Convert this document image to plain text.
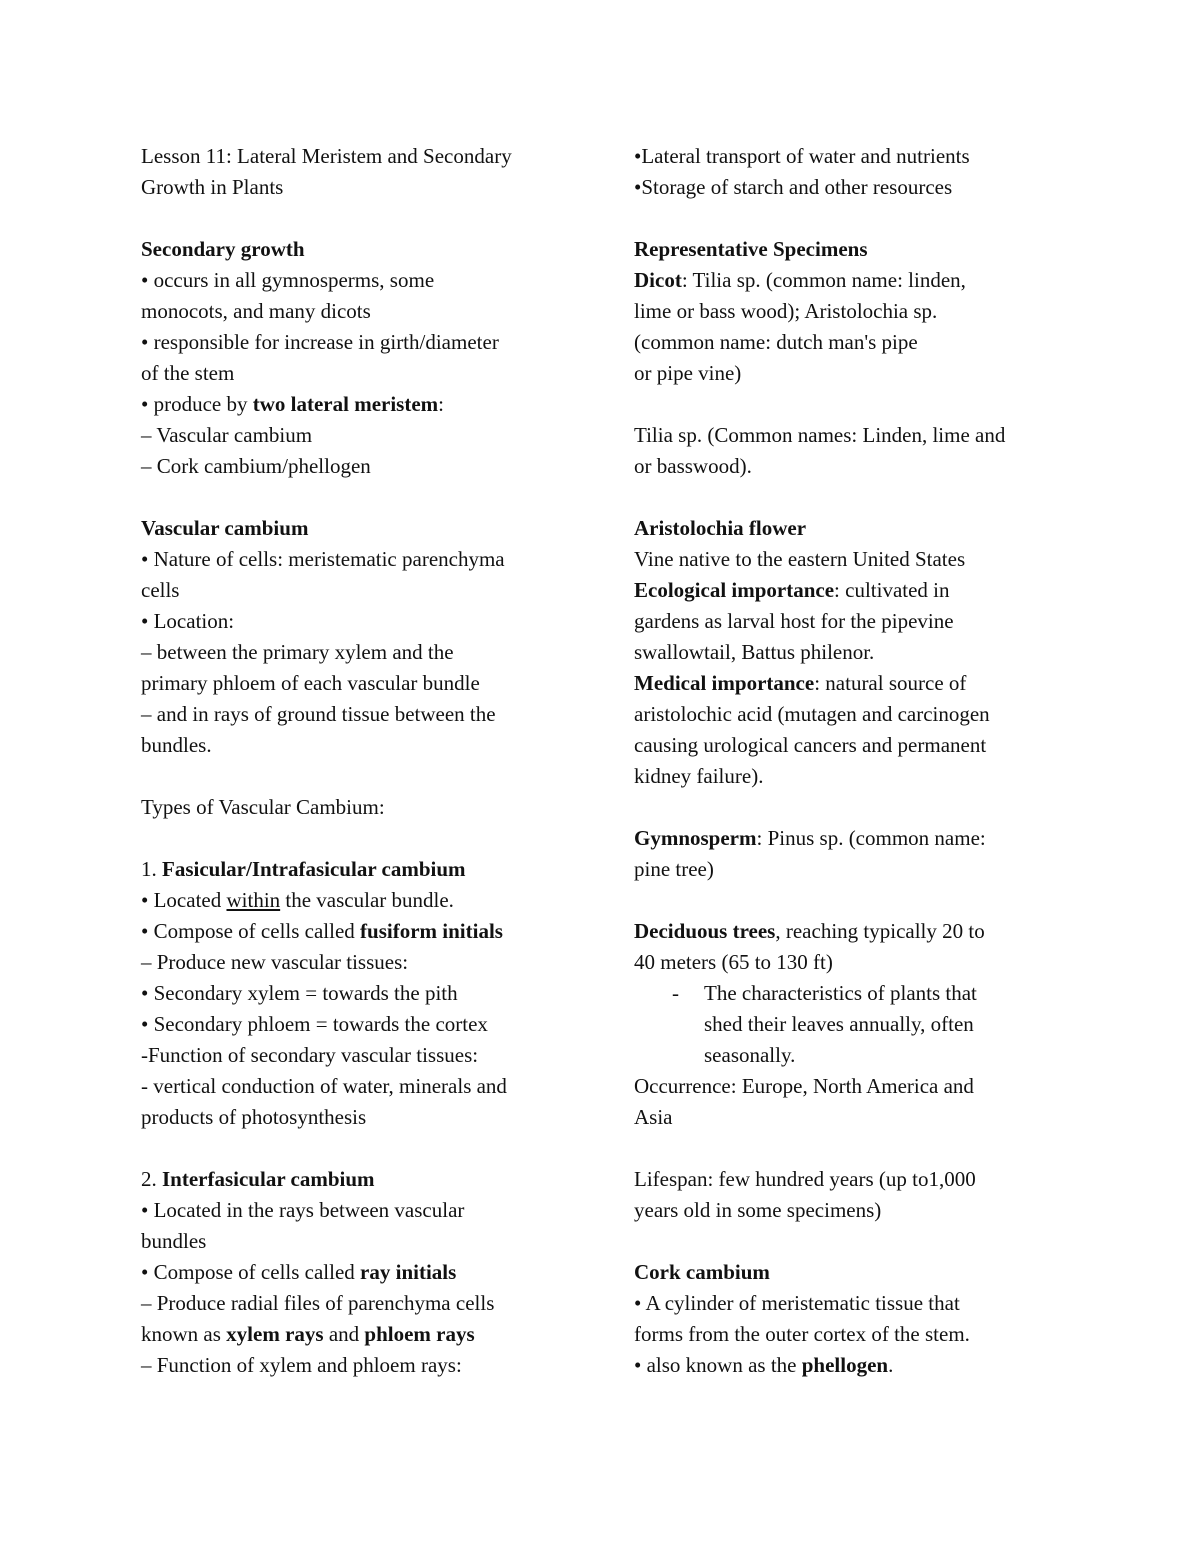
Lesson 11: Lateral Meristem and Secondary
Growth in Plants
Secondary growth
• occurs in all gymnosperms, some
monocots, and many dicots
• responsible for increase in girth/diameter
of the stem
• produce by two lateral meristem:
– Vascular cambium
– Cork cambium/phellogen
Vascular cambium
• Nature of cells: meristematic parenchyma
cells
• Location:
– between the primary xylem and the
primary phloem of each vascular bundle
– and in rays of ground tissue between the
bundles.
Types of Vascular Cambium:
1. Fasicular/Intrafasicular cambium
• Located within the vascular bundle.
• Compose of cells called fusiform initials
– Produce new vascular tissues:
• Secondary xylem = towards the pith
• Secondary phloem = towards the cortex
-Function of secondary vascular tissues:
- vertical conduction of water, minerals and
products of photosynthesis
2. Interfasicular cambium
• Located in the rays between vascular
bundles
• Compose of cells called ray initials
– Produce radial files of parenchyma cells
known as xylem rays and phloem rays
– Function of xylem and phloem rays:
•Lateral transport of water and nutrients
•Storage of starch and other resources
Representative Specimens
Dicot: Tilia sp. (common name: linden,
lime or bass wood); Aristolochia sp.
(common name: dutch man's pipe
or pipe vine)
Tilia sp. (Common names: Linden, lime and
or basswood).
Aristolochia flower
Vine native to the eastern United States
Ecological importance: cultivated in
gardens as larval host for the pipevine
swallowtail, Battus philenor.
Medical importance: natural source of
aristolochic acid (mutagen and carcinogen
causing urological cancers and permanent
kidney failure).
Gymnosperm: Pinus sp. (common name:
pine tree)
Deciduous trees, reaching typically 20 to
40 meters (65 to 130 ft)
-	The characteristics of plants that
shed their leaves annually, often
seasonally.
Occurrence: Europe, North America and
Asia
Lifespan: few hundred years (up to1,000
years old in some specimens)
Cork cambium
• A cylinder of meristematic tissue that
forms from the outer cortex of the stem.
• also known as the phellogen.
